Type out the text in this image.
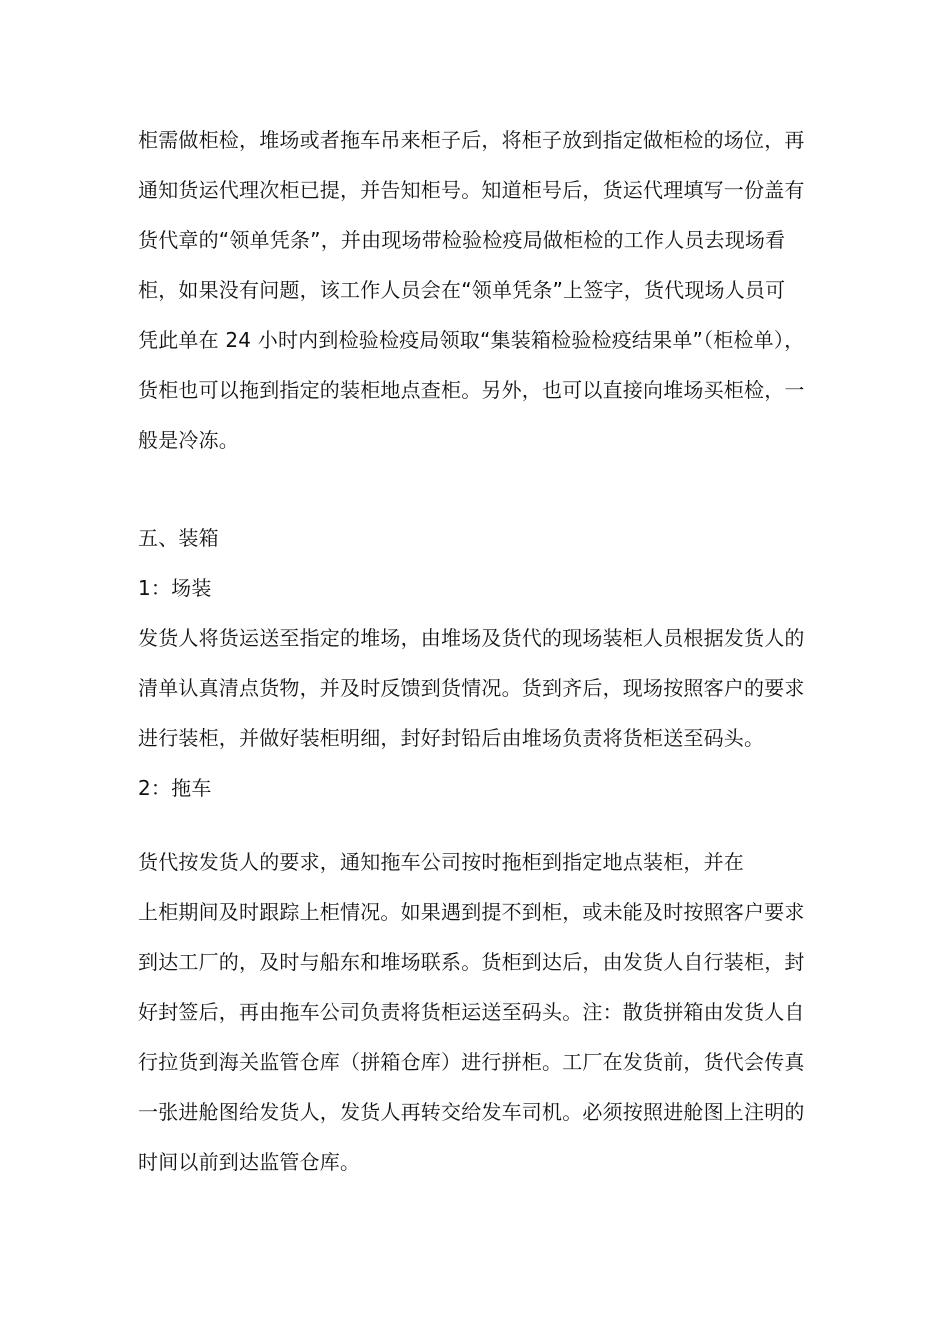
柜需做柜检，堆场或者拖车吊来柜子后，将柜子放到指定做柜检的场位，再

通知货运代理次柜已提，并告知柜号。知道柜号后，货运代理填写一份盖有

货代章的“领单凭条”，并由现场带检验检疫局做柜检的工作人员去现场看

柜，如果没有问题，该工作人员会在“领单凭条”上签字，货代现场人员可

凭此单在 24 小时内到检验检疫局领取“集装箱检验检疫结果单”（柜检单），

货柜也可以拖到指定的装柜地点查柜。另外，也可以直接向堆场买柜检，一

般是冷冻。

五、装箱

1：场装

发货人将货运送至指定的堆场，由堆场及货代的现场装柜人员根据发货人的

清单认真清点货物，并及时反馈到货情况。货到齐后，现场按照客户的要求

进行装柜，并做好装柜明细，封好封铅后由堆场负责将货柜送至码头。

2：拖车

货代按发货人的要求，通知拖车公司按时拖柜到指定地点装柜，并在

上柜期间及时跟踪上柜情况。如果遇到提不到柜，或未能及时按照客户要求

到达工厂的，及时与船东和堆场联系。货柜到达后，由发货人自行装柜，封

好封签后，再由拖车公司负责将货柜运送至码头。注：散货拼箱由发货人自

行拉货到海关监管仓库（拼箱仓库）进行拼柜。工厂在发货前，货代会传真

一张进舱图给发货人，发货人再转交给发车司机。必须按照进舱图上注明的

时间以前到达监管仓库。
